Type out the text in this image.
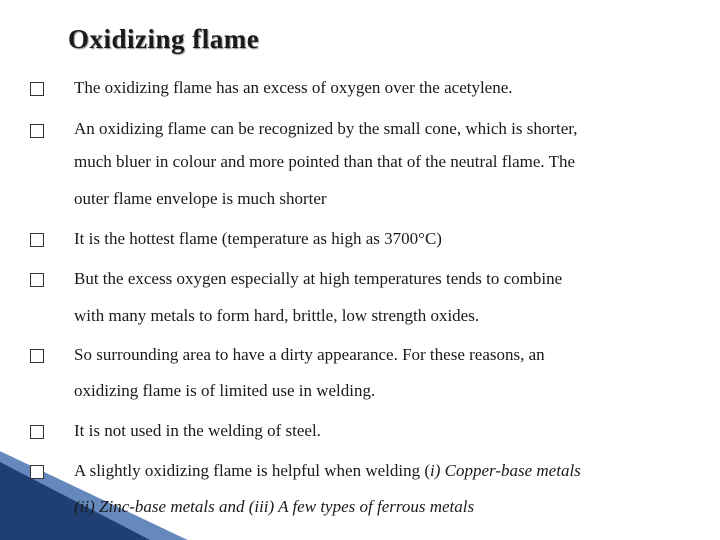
Oxidizing flame
The oxidizing flame has an excess of oxygen over the acetylene.
An oxidizing flame can be recognized by the small cone, which is shorter,
much bluer in colour and more pointed than that of the neutral flame. The
outer flame envelope is much shorter
It is the hottest flame (temperature as high as 3700°C)
But the excess oxygen especially at high temperatures tends to combine
with many metals to form hard, brittle, low strength oxides.
So surrounding area to have a dirty appearance. For these reasons, an
oxidizing flame is of limited use in welding.
It is not used in the welding of steel.
A slightly oxidizing flame is helpful when welding (i) Copper-base metals
(ii) Zinc-base metals and (iii) A few types of ferrous metals
